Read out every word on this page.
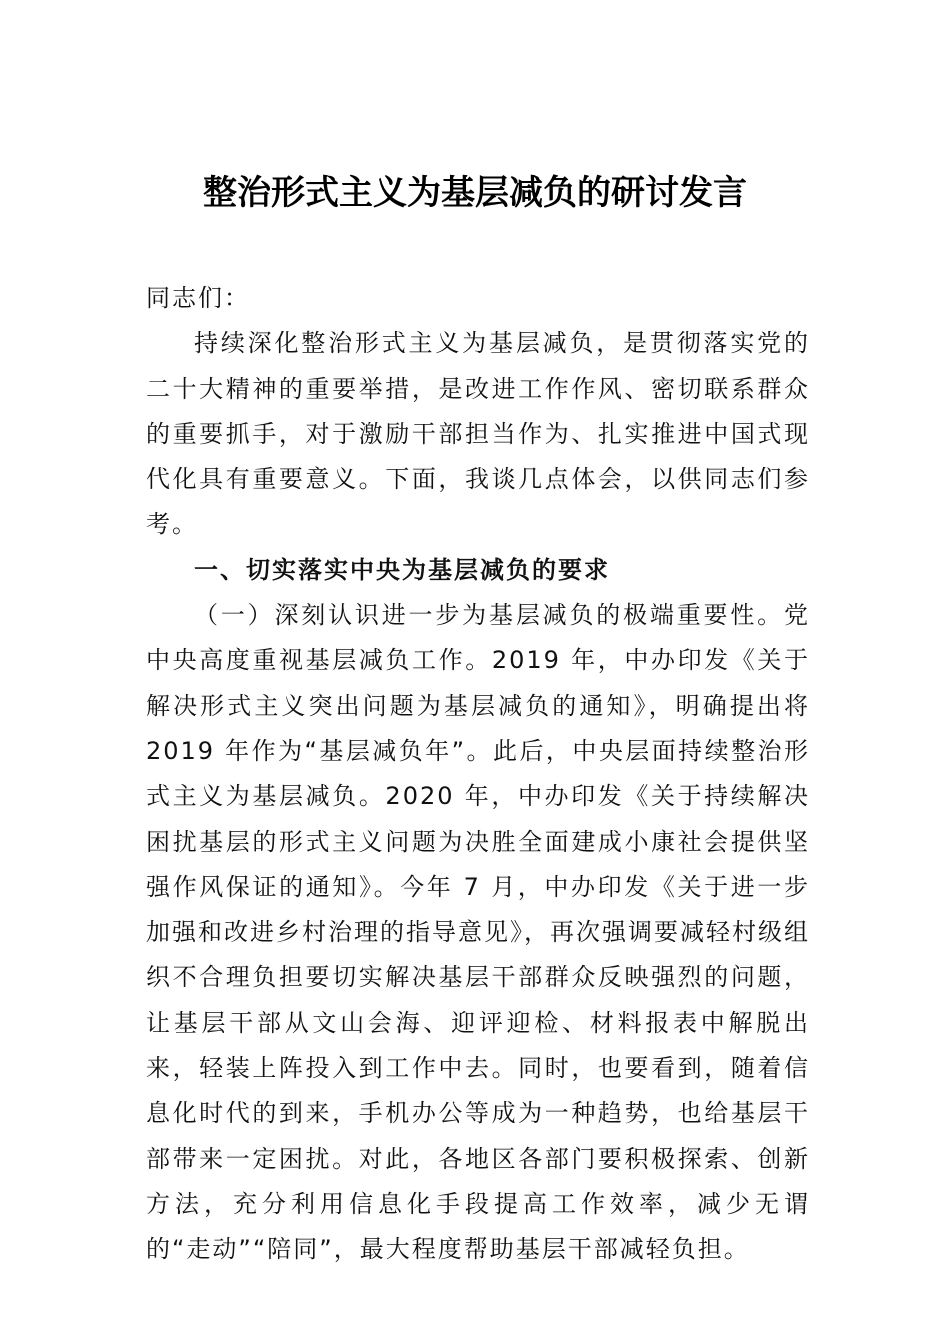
整治形式主义为基层减负的研讨发言

同志们：

持续深化整治形式主义为基层减负，是贯彻落实党的二十大精神的重要举措，是改进工作作风、密切联系群众的重要抓手，对于激励干部担当作为、扎实推进中国式现代化具有重要意义。下面，我谈几点体会，以供同志们参考。

一、切实落实中央为基层减负的要求

（一）深刻认识进一步为基层减负的极端重要性。党中央高度重视基层减负工作。2019 年，中办印发《关于解决形式主义突出问题为基层减负的通知》，明确提出将 2019 年作为“基层减负年”。此后，中央层面持续整治形式主义为基层减负。2020 年，中办印发《关于持续解决困扰基层的形式主义问题为决胜全面建成小康社会提供坚强作风保证的通知》。今年 7 月，中办印发《关于进一步加强和改进乡村治理的指导意见》，再次强调要减轻村级组织不合理负担要切实解决基层干部群众反映强烈的问题，让基层干部从文山会海、迎评迎检、材料报表中解脱出来，轻装上阵投入到工作中去。同时，也要看到，随着信息化时代的到来，手机办公等成为一种趋势，也给基层干部带来一定困扰。对此，各地区各部门要积极探索、创新方法，充分利用信息化手段提高工作效率，减少无谓的“走动”“陪同”，最大程度帮助基层干部减轻负担。
